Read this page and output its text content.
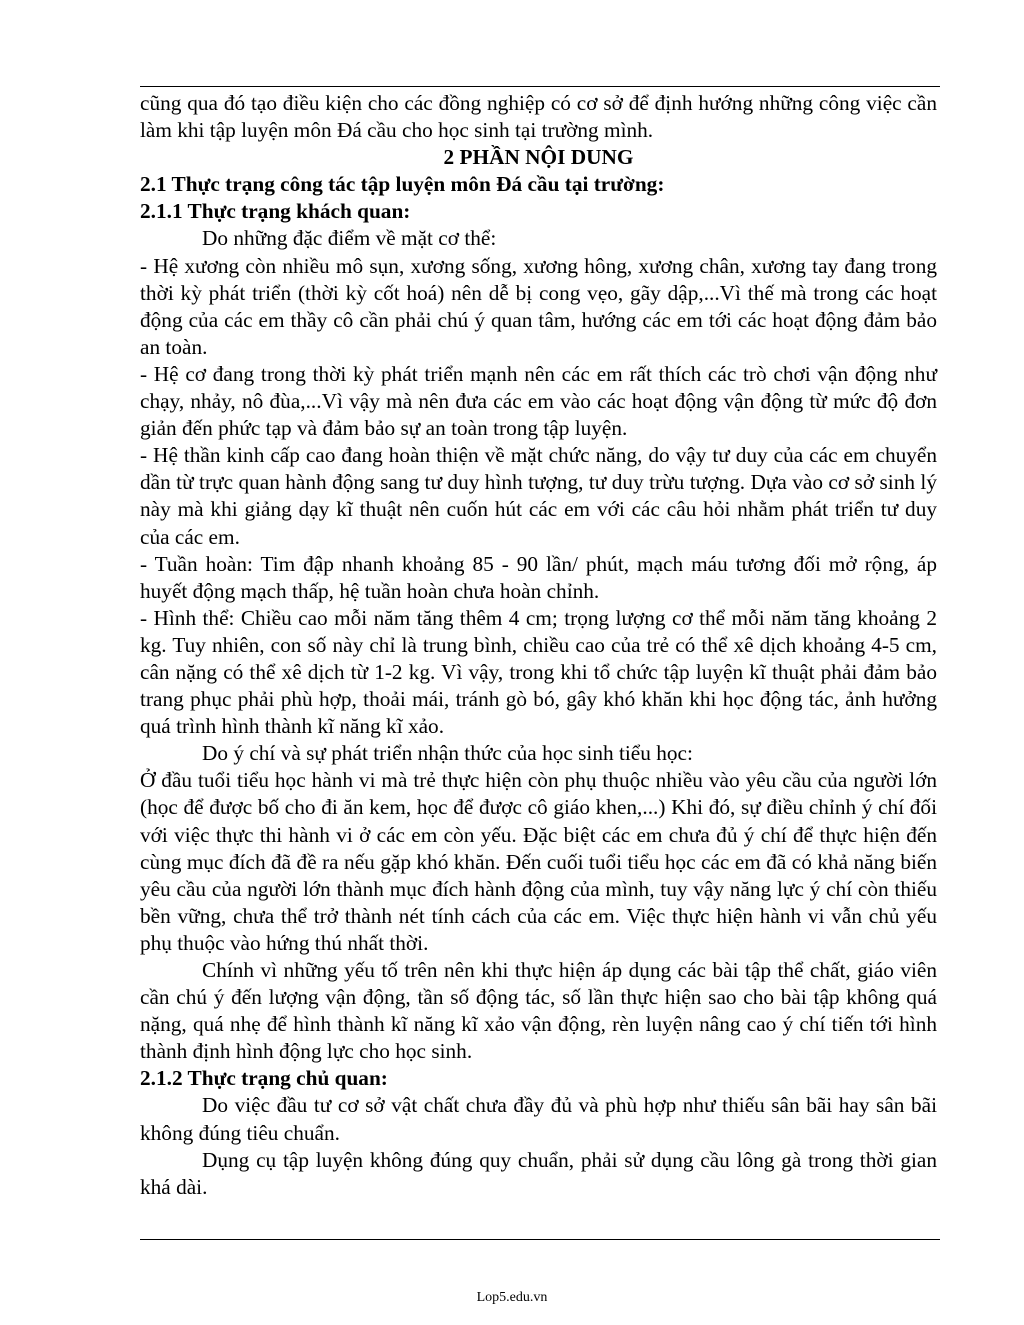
cũng qua đó tạo điều kiện cho các đồng nghiệp có cơ sở để định hướng những công việc cần làm khi tập luyện môn Đá cầu cho học sinh tại trường mình.

2 PHẦN NỘI DUNG

2.1 Thực trạng công tác tập luyện môn Đá cầu tại trường:

2.1.1 Thực trạng khách quan:

Do những đặc điểm về mặt cơ thể:

- Hệ xương còn nhiều mô sụn, xương sống, xương hông, xương chân, xương tay đang trong thời kỳ phát triển (thời kỳ cốt hoá) nên dễ bị cong vẹo, gãy dập,...Vì thế mà trong các hoạt động của các em thầy cô cần phải chú ý quan tâm, hướng các em tới các hoạt động đảm bảo an toàn.

- Hệ cơ đang trong thời kỳ phát triển mạnh nên các em rất thích các trò chơi vận động như chạy, nhảy, nô đùa,...Vì vậy mà nên đưa các em vào các hoạt động vận động từ mức độ đơn giản đến phức tạp và đảm bảo sự an toàn trong tập luyện.

- Hệ thần kinh cấp cao đang hoàn thiện về mặt chức năng, do vậy tư duy của các em chuyển dần từ trực quan hành động sang tư duy hình tượng, tư duy trừu tượng. Dựa vào cơ sở sinh lý này mà khi giảng dạy kĩ thuật nên cuốn hút các em với các câu hỏi nhằm phát triển tư duy của các em.

- Tuần hoàn: Tim đập nhanh khoảng 85 - 90 lần/ phút, mạch máu tương đối mở rộng, áp huyết động mạch thấp, hệ tuần hoàn chưa hoàn chỉnh.

- Hình thể: Chiều cao mỗi năm tăng thêm 4 cm; trọng lượng cơ thể mỗi năm tăng khoảng 2 kg. Tuy nhiên, con số này chỉ là trung bình, chiều cao của trẻ có thể xê dịch khoảng 4-5 cm, cân nặng có thể xê dịch từ 1-2 kg. Vì vậy, trong khi tổ chức tập luyện kĩ thuật phải đảm bảo trang phục phải phù hợp, thoải mái, tránh gò bó, gây khó khăn khi học động tác, ảnh hưởng quá trình hình thành kĩ năng kĩ xảo.

Do ý chí và sự phát triển nhận thức của học sinh tiểu học:

Ở đầu tuổi tiểu học hành vi mà trẻ thực hiện còn phụ thuộc nhiều vào yêu cầu của người lớn (học để được bố cho đi ăn kem, học để được cô giáo khen,...) Khi đó, sự điều chỉnh ý chí đối với việc thực thi hành vi ở các em còn yếu. Đặc biệt các em chưa đủ ý chí để thực hiện đến cùng mục đích đã đề ra nếu gặp khó khăn. Đến cuối tuổi tiểu học các em đã có khả năng biến yêu cầu của người lớn thành mục đích hành động của mình, tuy vậy năng lực ý chí còn thiếu bền vững, chưa thể trở thành nét tính cách của các em. Việc thực hiện hành vi vẫn chủ yếu phụ thuộc vào hứng thú nhất thời.

Chính vì những yếu tố trên nên khi thực hiện áp dụng các bài tập thể chất, giáo viên cần chú ý đến lượng vận động, tần số động tác, số lần thực hiện sao cho bài tập không quá nặng, quá nhẹ để hình thành kĩ năng kĩ xảo vận động, rèn luyện nâng cao ý chí tiến tới hình thành định hình động lực cho học sinh.

2.1.2 Thực trạng chủ quan:

Do việc đầu tư cơ sở vật chất chưa đầy đủ và phù hợp như thiếu sân bãi hay sân bãi không đúng tiêu chuẩn.

Dụng cụ tập luyện không đúng quy chuẩn, phải sử dụng cầu lông gà trong thời gian khá dài.

Lop5.edu.vn
